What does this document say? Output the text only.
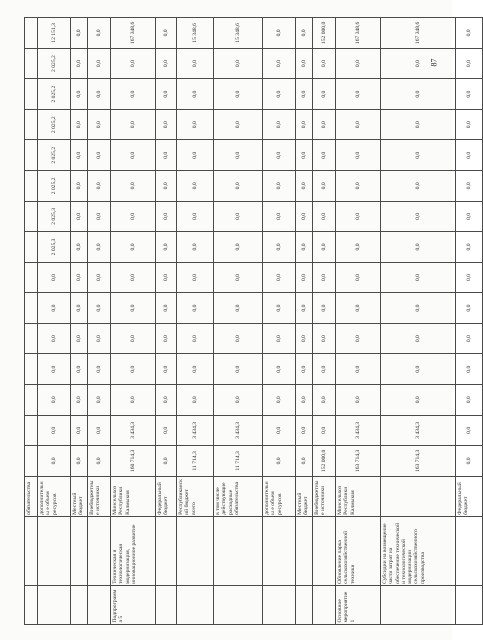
		обязательства															
		дополнительны е объем ресурсов	0,0	0,0	0,0	0,0	0,0	0,0	0,0	2 025,3	2 025,3	2 025,2	2 025,2	2 025,2	2 025,2	2 025,2	12 151,3
		Местный бюджет	0,0	0,0	0,0	0,0	0,0	0,0	0,0	0,0	0,0	0,0	0,0	0,0	0,0	0,0	0,0
		Внебюджетные источники	0,0	0,0	0,0	0,0	0,0	0,0	0,0	0,0	0,0	0,0	0,0	0,0	0,0	0,0	0,0
Подпрограмма 5	Техническая и технологическая модернизация, инновационное развитие	Минсельхоз Республики Калмыкия	160 714,3	3 434,3	0,0	0,0	0,0	0,0	0,0	0,0	0,0	0,0	0,0	0,0	0,0	0,0	167 348,6
		Федеральный бюджет	0,0	0,0	0,0	0,0	0,0	0,0	0,0	0,0	0,0	0,0	0,0	0,0	0,0	0,0	0,0
		Республиканск ий бюджет всего	11 714,3	3 434,3	0,0	0,0	0,0	0,0	0,0	0,0	0,0	0,0	0,0	0,0	0,0	0,0	15 348,6
		в том числе действующие расходные обязательства	11 714,3	3 434,3	0,0	0,0	0,0	0,0	0,0	0,0	0,0	0,0	0,0	0,0	0,0	0,0	15 348,6
		дополнительны е объем ресурсов	0,0	0,0	0,0	0,0	0,0	0,0	0,0	0,0	0,0	0,0	0,0	0,0	0,0	0,0	0,0
		Местный бюджет	0,0	0,0	0,0	0,0	0,0	0,0	0,0	0,0	0,0	0,0	0,0	0,0	0,0	0,0	0,0
		Внебюджетные источники	152 000,0	0,0	0,0	0,0	0,0	0,0	0,0	0,0	0,0	0,0	0,0	0,0	0,0	0,0	152 000,0
Основное мероприятие 1	Обновление парка сельскохозяйственной техники	Минсельхоз Республики Калмыкия	163 714,3	3 434,3	0,0	0,0	0,0	0,0	0,0	0,0	0,0	0,0	0,0	0,0	0,0	0,0	167 348,6
	Субсидии на возмещение части затрат на обеспечение технической и технологической модернизации сельскохозяйственного производства		163 714,3	3 434,3	0,0	0,0	0,0	0,0	0,0	0,0	0,0	0,0	0,0	0,0	0,0	0,0	167 348,6
		Федеральный бюджет	0,0	0,0	0,0	0,0	0,0	0,0	0,0	0,0	0,0	0,0	0,0	0,0	0,0	0,0	0,0
87
